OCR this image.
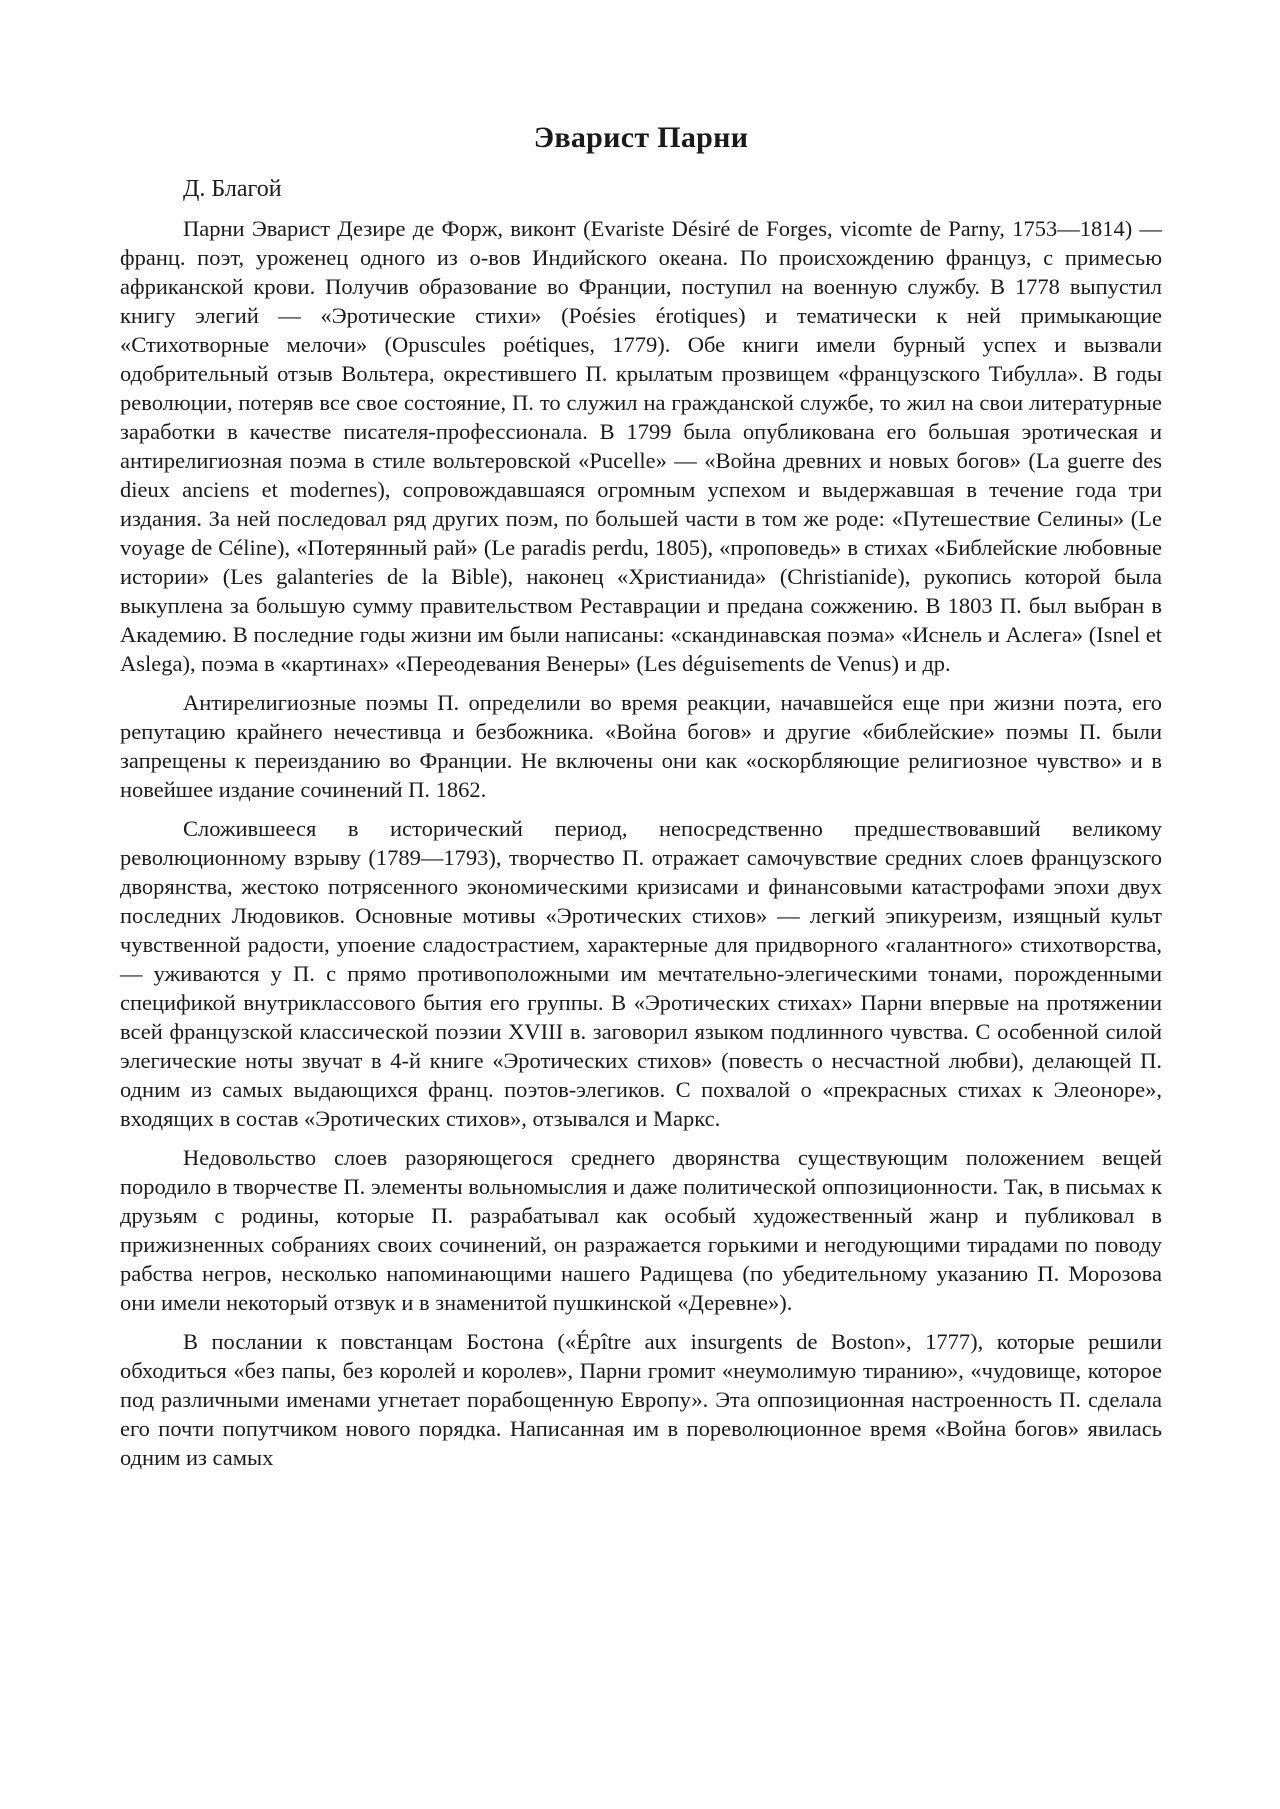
Эварист Парни
Д. Благой

Парни Эварист Дезире де Форж, виконт (Evariste Désiré de Forges, vicomte de Parny, 1753—1814) — франц. поэт, уроженец одного из о-вов Индийского океана. По происхождению француз, с примесью африканской крови. Получив образование во Франции, поступил на военную службу. В 1778 выпустил книгу элегий — «Эротические стихи» (Poésies érotiques) и тематически к ней примыкающие «Стихотворные мелочи» (Opuscules poétiques, 1779). Обе книги имели бурный успех и вызвали одобрительный отзыв Вольтера, окрестившего П. крылатым прозвищем «французского Тибулла». В годы революции, потеряв все свое состояние, П. то служил на гражданской службе, то жил на свои литературные заработки в качестве писателя-профессионала. В 1799 была опубликована его большая эротическая и антирелигиозная поэма в стиле вольтеровской «Pucelle» — «Война древних и новых богов» (La guerre des dieux anciens et modernes), сопровождавшаяся огромным успехом и выдержавшая в течение года три издания. За ней последовал ряд других поэм, по большей части в том же роде: «Путешествие Селины» (Le voyage de Céline), «Потерянный рай» (Le paradis perdu, 1805), «проповедь» в стихах «Библейские любовные истории» (Les galanteries de la Bible), наконец «Христианида» (Christianide), рукопись которой была выкуплена за большую сумму правительством Реставрации и предана сожжению. В 1803 П. был выбран в Академию. В последние годы жизни им были написаны: «скандинавская поэма» «Иснель и Аслега» (Isnel et Aslega), поэма в «картинах» «Переодевания Венеры» (Les déguisements de Venus) и др.

Антирелигиозные поэмы П. определили во время реакции, начавшейся еще при жизни поэта, его репутацию крайнего нечестивца и безбожника. «Война богов» и другие «библейские» поэмы П. были запрещены к переизданию во Франции. Не включены они как «оскорбляющие религиозное чувство» и в новейшее издание сочинений П. 1862.

Сложившееся в исторический период, непосредственно предшествовавший великому революционному взрыву (1789—1793), творчество П. отражает самочувствие средних слоев французского дворянства, жестоко потрясенного экономическими кризисами и финансовыми катастрофами эпохи двух последних Людовиков. Основные мотивы «Эротических стихов» — легкий эпикуреизм, изящный культ чувственной радости, упоение сладострастием, характерные для придворного «галантного» стихотворства, — уживаются у П. с прямо противоположными им мечтательно-элегическими тонами, порожденными спецификой внутриклассового бытия его группы. В «Эротических стихах» Парни впервые на протяжении всей французской классической поэзии XVIII в. заговорил языком подлинного чувства. С особенной силой элегические ноты звучат в 4-й книге «Эротических стихов» (повесть о несчастной любви), делающей П. одним из самых выдающихся франц. поэтов-элегиков. С похвалой о «прекрасных стихах к Элеоноре», входящих в состав «Эротических стихов», отзывался и Маркс.

Недовольство слоев разоряющегося среднего дворянства существующим положением вещей породило в творчестве П. элементы вольномыслия и даже политической оппозиционности. Так, в письмах к друзьям с родины, которые П. разрабатывал как особый художественный жанр и публиковал в прижизненных собраниях своих сочинений, он разражается горькими и негодующими тирадами по поводу рабства негров, несколько напоминающими нашего Радищева (по убедительному указанию П. Морозова они имели некоторый отзвук и в знаменитой пушкинской «Деревне»).

В послании к повстанцам Бостона («Épître aux insurgents de Boston», 1777), которые решили обходиться «без папы, без королей и королев», Парни громит «неумолимую тиранию», «чудовище, которое под различными именами угнетает порабощенную Европу». Эта оппозиционная настроенность П. сделала его почти попутчиком нового порядка. Написанная им в пореволюционное время «Война богов» явилась одним из самых
